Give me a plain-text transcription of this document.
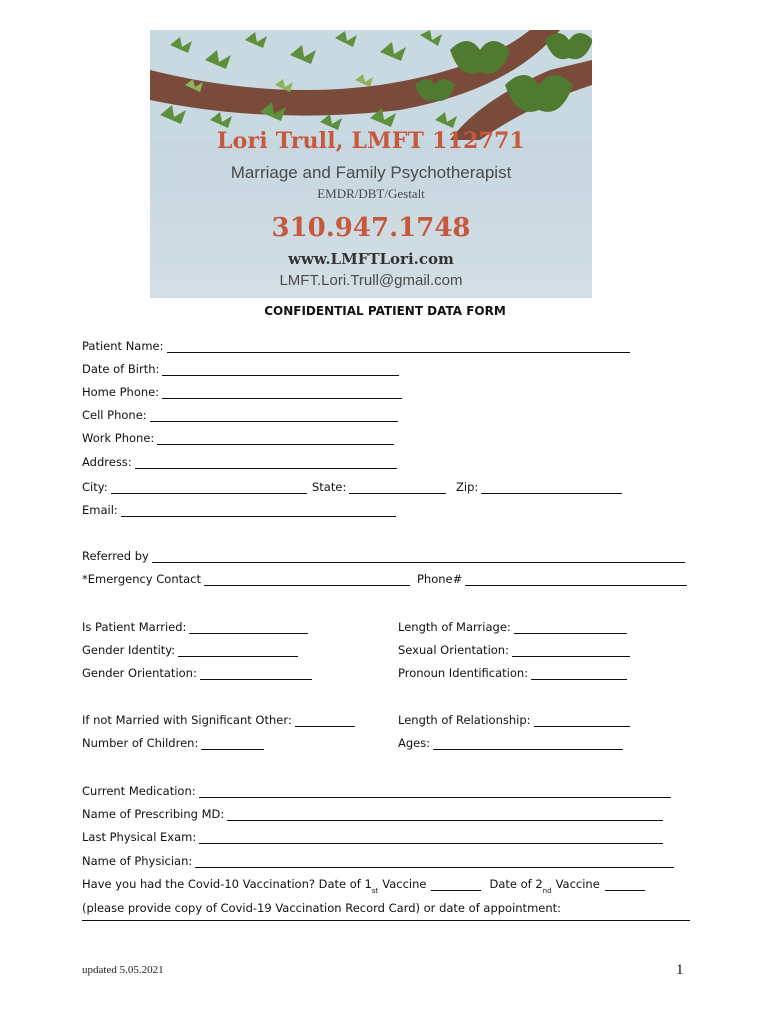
Lori Trull, LMFT 112771
Marriage and Family Psychotherapist
EMDR/DBT/Gestalt
310.947.1748
www.LMFTLori.com
LMFT.Lori.Trull@gmail.com
CONFIDENTIAL PATIENT DATA FORM
Patient Name:
Date of Birth:
Home Phone:
Cell Phone:
Work Phone:
Address:
City:	State:	Zip:
Email:
Referred by
*Emergency Contact	Phone#
Is Patient Married:	Length of Marriage:
Gender Identity:	Sexual Orientation:
Gender Orientation:	Pronoun Identification:
If not Married with Significant Other:	Length of Relationship:
Number of Children:	Ages:
Current Medication:
Name of Prescribing MD:
Last Physical Exam:
Name of Physician:
Have you had the Covid-10 Vaccination? Date of 1 st Vaccine	Date of 2 nd Vaccine
(please provide copy of Covid-19 Vaccination Record Card) or date of appointment:
updated 5.05.2021	1
